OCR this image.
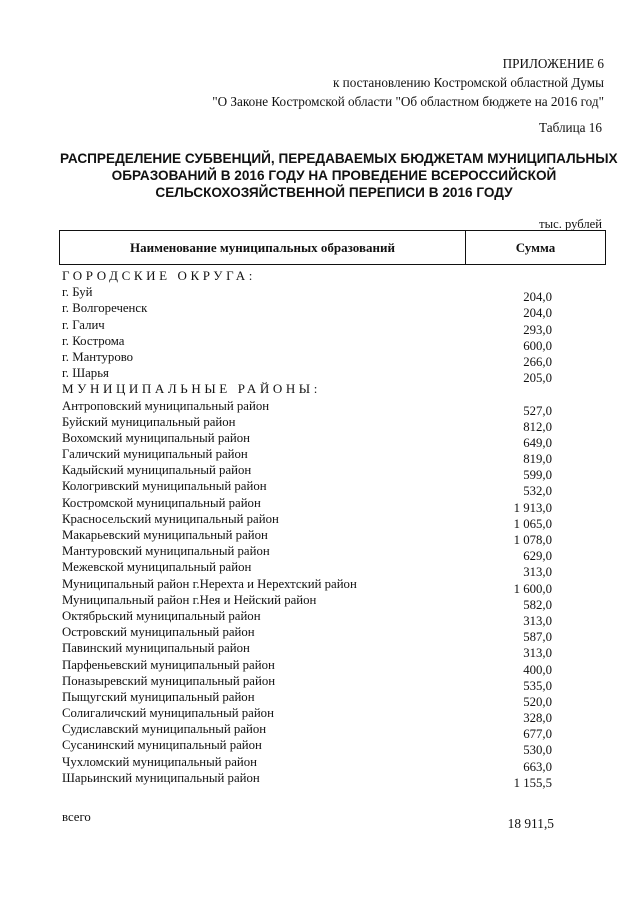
ПРИЛОЖЕНИЕ 6
к постановлению Костромской областной Думы
"О Законе Костромской области "Об областном бюджете на 2016 год"
Таблица 16
РАСПРЕДЕЛЕНИЕ СУБВЕНЦИЙ, ПЕРЕДАВАЕМЫХ БЮДЖЕТАМ МУНИЦИПАЛЬНЫХ
ОБРАЗОВАНИЙ В 2016 ГОДУ НА ПРОВЕДЕНИЕ ВСЕРОССИЙСКОЙ
СЕЛЬСКОХОЗЯЙСТВЕННОЙ ПЕРЕПИСИ В 2016 ГОДУ
тыс. рублей
Наименование муниципальных образований	Сумма
ГОРОДСКИЕ ОКРУГА:
г. Буй	204,0
г. Волгореченск	204,0
г. Галич	293,0
г. Кострома	600,0
г. Мантурово	266,0
г. Шарья	205,0
МУНИЦИПАЛЬНЫЕ РАЙОНЫ:
Антроповский муниципальный район	527,0
Буйский муниципальный район	812,0
Вохомский муниципальный район	649,0
Галичский муниципальный район	819,0
Кадыйский муниципальный район	599,0
Кологривский муниципальный район	532,0
Костромской муниципальный район	1 913,0
Красносельский муниципальный район	1 065,0
Макарьевский муниципальный район	1 078,0
Мантуровский муниципальный район	629,0
Межевской муниципальный район	313,0
Муниципальный район г.Нерехта и Нерехтский район	1 600,0
Муниципальный район г.Нея и Нейский район	582,0
Октябрьский муниципальный район	313,0
Островский муниципальный район	587,0
Павинский муниципальный район	313,0
Парфеньевский муниципальный район	400,0
Поназыревский муниципальный район	535,0
Пыщугский муниципальный район	520,0
Солигаличский муниципальный район	328,0
Судиславский муниципальный район	677,0
Сусанинский муниципальный район	530,0
Чухломский муниципальный район	663,0
Шарьинский муниципальный район	1 155,5
всего	18 911,5
